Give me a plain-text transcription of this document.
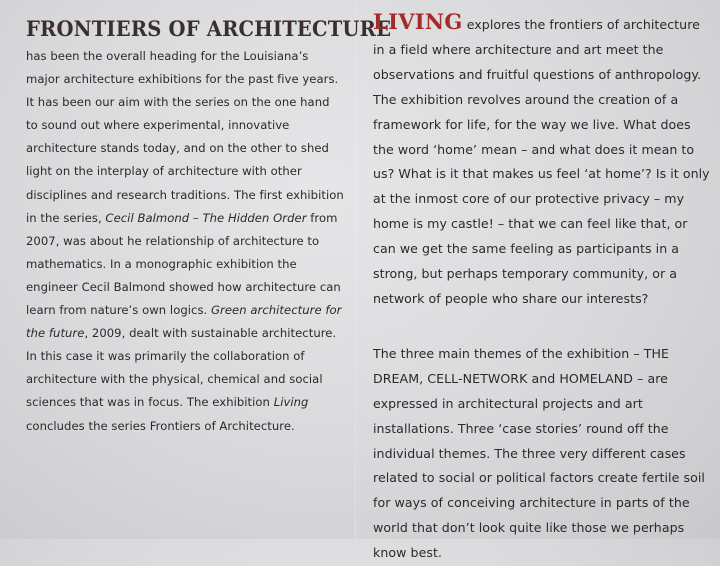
FRONTIERS OF ARCHITECTURE

has been the overall heading for the Louisiana’s major architecture exhibitions for the past five years. It has been our aim with the series on the one hand to sound out where experimental, innovative architecture stands today, and on the other to shed light on the interplay of architecture with other disciplines and research traditions. The first exhibition in the series, Cecil Balmond – The Hidden Order from 2007, was about he relationship of architecture to mathematics. In a monographic exhibition the engineer Cecil Balmond showed how architecture can learn from nature’s own logics. Green architecture for the future, 2009, dealt with sustainable architecture. In this case it was primarily the collaboration of architecture with the physical, chemical and social sciences that was in focus. The exhibition Living concludes the series Frontiers of Architecture.

LIVING explores the frontiers of architecture in a field where architecture and art meet the observations and fruitful questions of anthropology. The exhibition revolves around the creation of a framework for life, for the way we live. What does the word ‘home’ mean – and what does it mean to us? What is it that makes us feel ‘at home’? Is it only at the inmost core of our protective privacy – my home is my castle! – that we can feel like that, or can we get the same feeling as participants in a strong, but perhaps temporary community, or a network of people who share our interests?

The three main themes of the exhibition – THE DREAM, CELL-NETWORK and HOMELAND – are expressed in architectural projects and art installations. Three ‘case stories’ round off the individual themes. The three very different cases related to social or political factors create fertile soil for ways of conceiving architecture in parts of the world that don’t look quite like those we perhaps know best.
